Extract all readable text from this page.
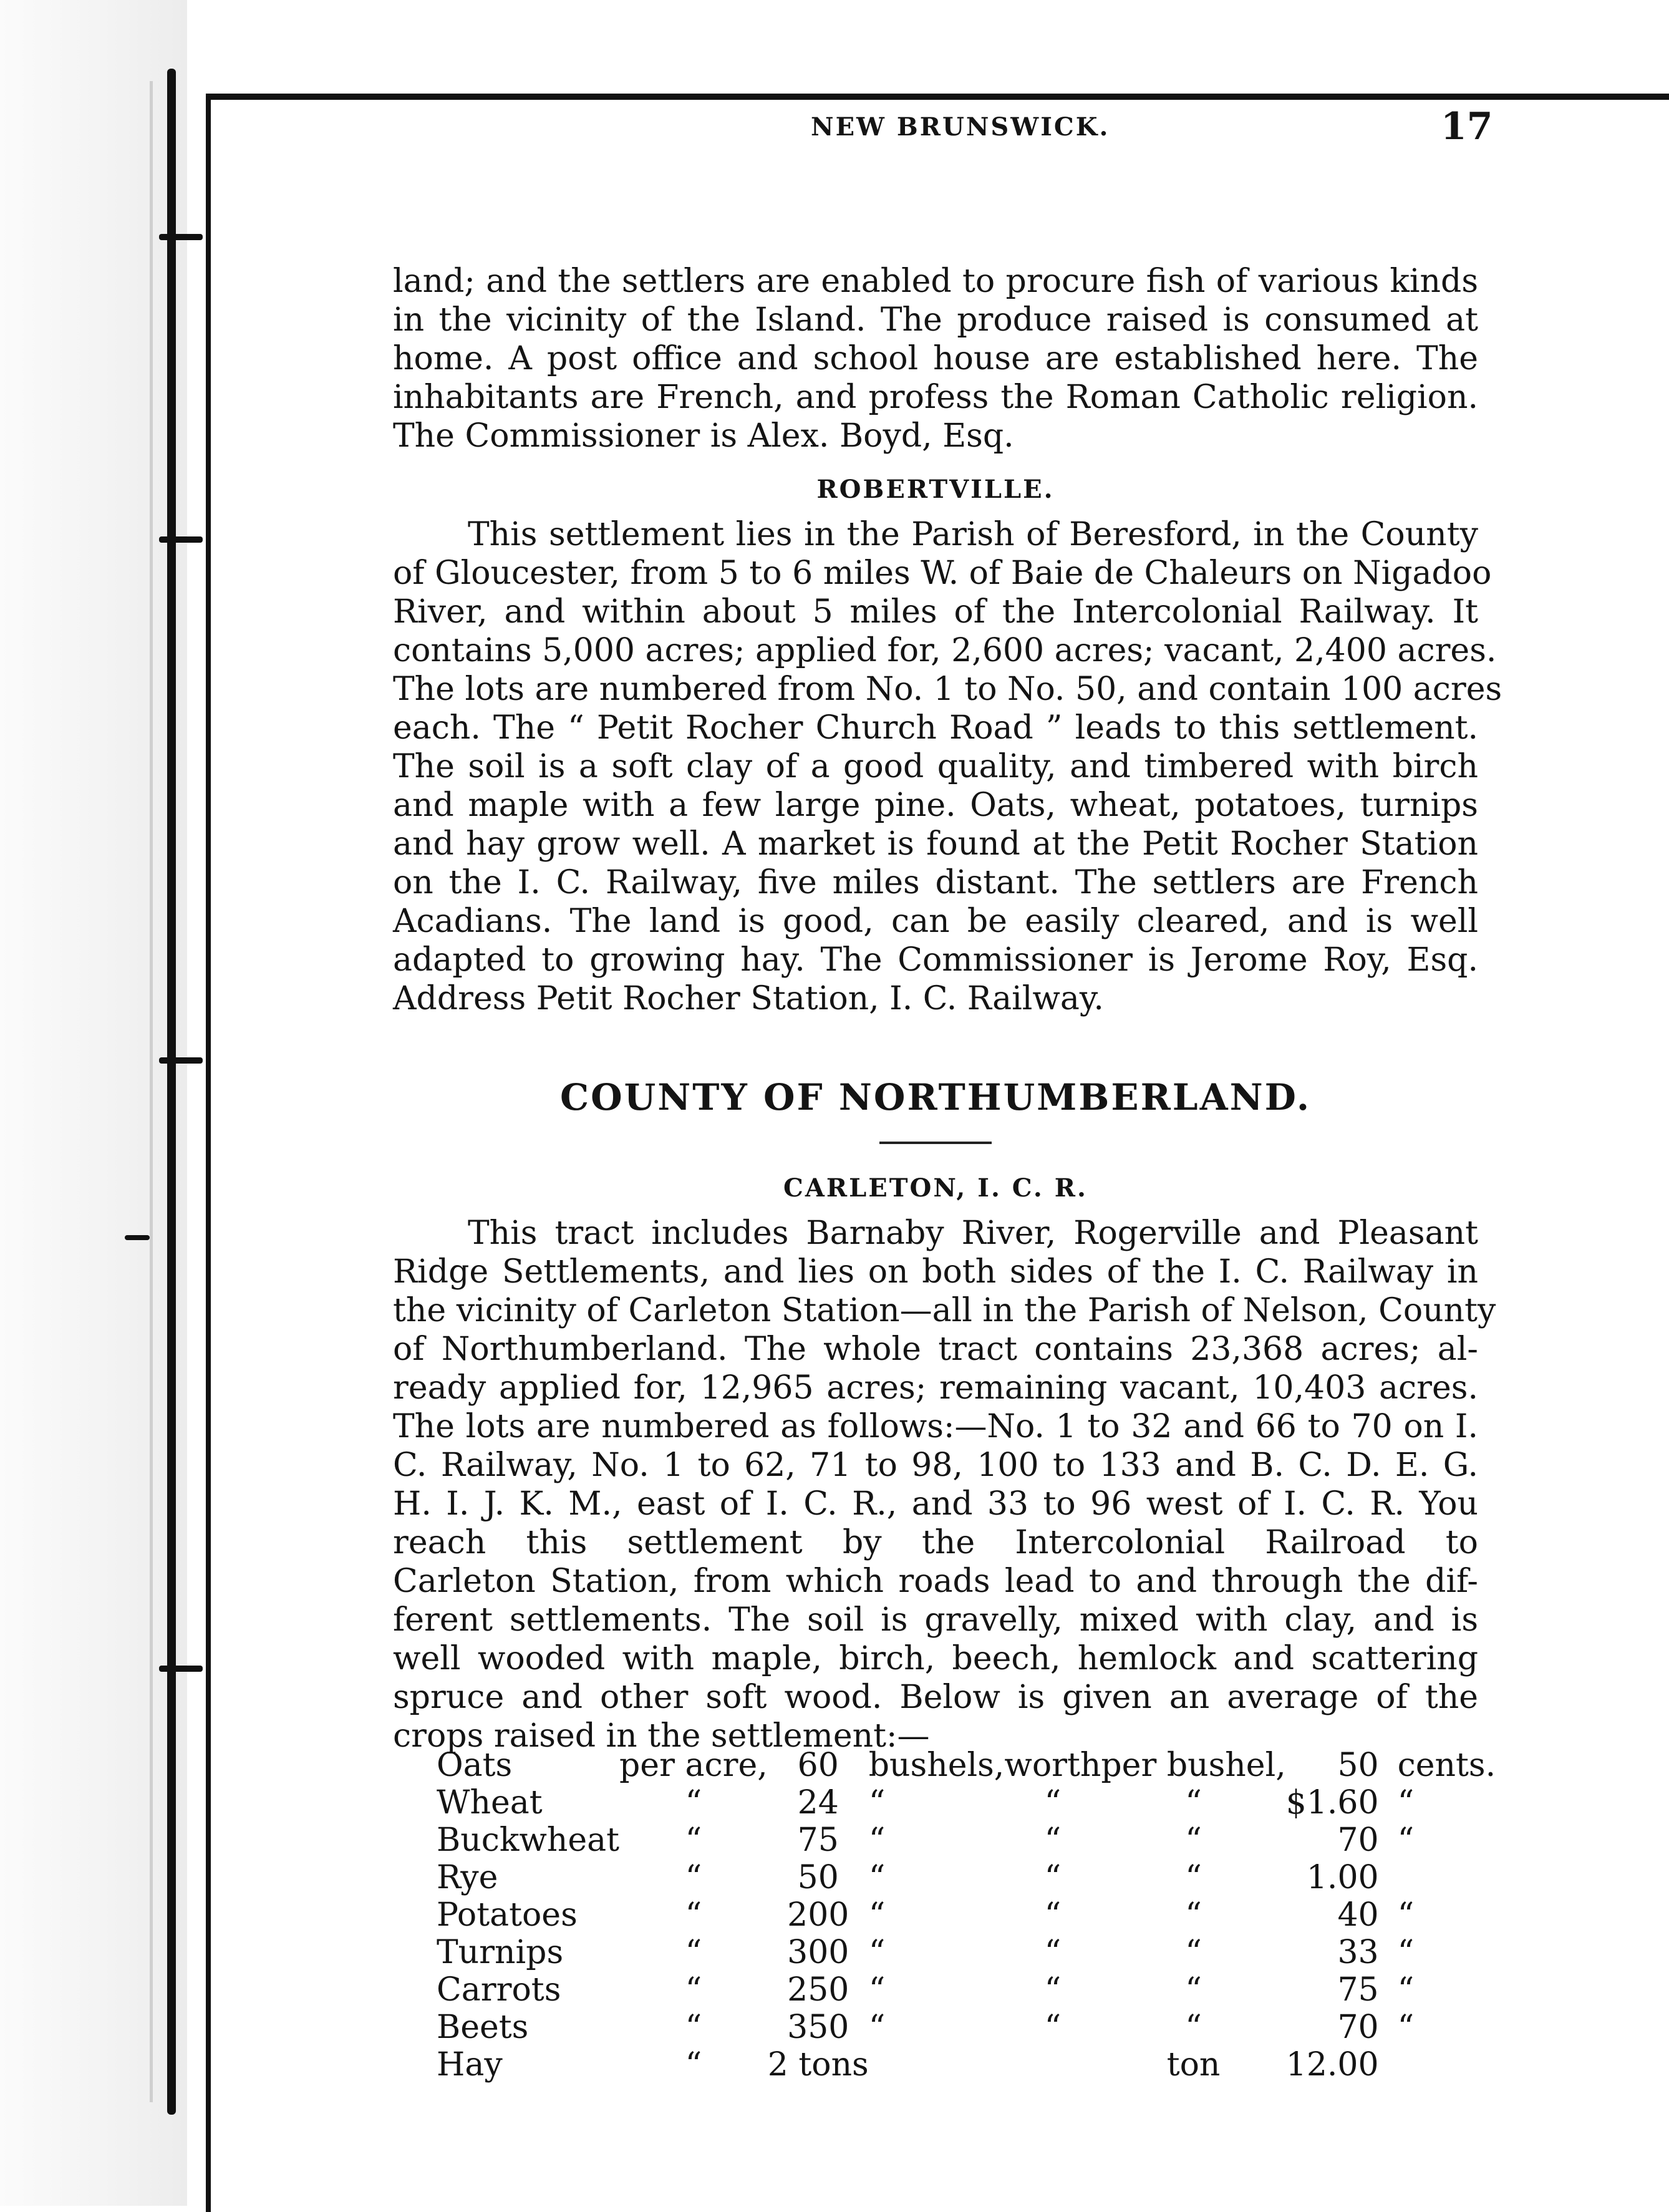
NEW BRUNSWICK.	17

land; and the settlers are enabled to procure fish of various kinds
in the vicinity of the Island. The produce raised is consumed at
home. A post office and school house are established here. The
inhabitants are French, and profess the Roman Catholic religion.
The Commissioner is Alex. Boyd, Esq.

ROBERTVILLE.

This settlement lies in the Parish of Beresford, in the County
of Gloucester, from 5 to 6 miles W. of Baie de Chaleurs on Nigadoo
River, and within about 5 miles of the Intercolonial Railway. It
contains 5,000 acres; applied for, 2,600 acres; vacant, 2,400 acres.
The lots are numbered from No. 1 to No. 50, and contain 100 acres
each. The “ Petit Rocher Church Road ” leads to this settlement.
The soil is a soft clay of a good quality, and timbered with birch
and maple with a few large pine. Oats, wheat, potatoes, turnips
and hay grow well. A market is found at the Petit Rocher Station
on the I. C. Railway, five miles distant. The settlers are French
Acadians. The land is good, can be easily cleared, and is well
adapted to growing hay. The Commissioner is Jerome Roy, Esq.
Address Petit Rocher Station, I. C. Railway.

COUNTY OF NORTHUMBERLAND.
CARLETON, I. C. R.

This tract includes Barnaby River, Rogerville and Pleasant
Ridge Settlements, and lies on both sides of the I. C. Railway in
the vicinity of Carleton Station—all in the Parish of Nelson, County
of Northumberland. The whole tract contains 23,368 acres; al-
ready applied for, 12,965 acres; remaining vacant, 10,403 acres.
The lots are numbered as follows:—No. 1 to 32 and 66 to 70 on I.
C. Railway, No. 1 to 62, 71 to 98, 100 to 133 and B. C. D. E. G.
H. I. J. K. M., east of I. C. R., and 33 to 96 west of I. C. R. You
reach this settlement by the Intercolonial Railroad to
Carleton Station, from which roads lead to and through the dif-
ferent settlements. The soil is gravelly, mixed with clay, and is
well wooded with maple, birch, beech, hemlock and scattering
spruce and other soft wood. Below is given an average of the
crops raised in the settlement:—

Oats	per acre,	60	bushels,	worth	per bushel,	50	cents.
Wheat	“	24	“	“	“	$1.60	“
Buckwheat	“	75	“	“	“	70	“
Rye	“	50	“	“	“	1.00	
Potatoes	“	200	“	“	“	40	“
Turnips	“	300	“	“	“	33	“
Carrots	“	250	“	“	“	75	“
Beets	“	350	“	“	“	70	“
Hay	“	2 tons			ton	12.00	
